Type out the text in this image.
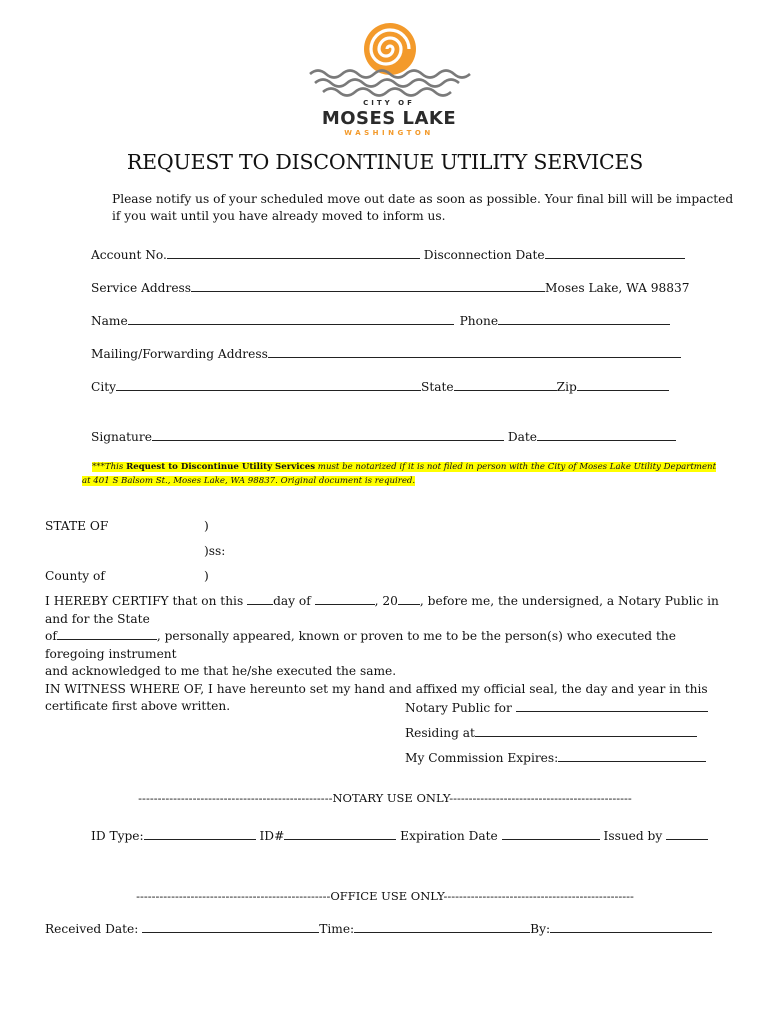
CITY OF
MOSES LAKE
WASHINGTON
REQUEST TO DISCONTINUE UTILITY SERVICES
Please notify us of your scheduled move out date as soon as possible. Your final bill will be impacted
if you wait until you have already moved to inform us.
Account No.	Disconnection Date
Service Address	Moses Lake, WA 98837
Name	Phone
Mailing/Forwarding Address
City	State	Zip
Signature	Date
***This Request to Discontinue Utility Services must be notarized if it is not filed in person with the City of Moses Lake Utility Department
at 401 S Balsom St., Moses Lake, WA 98837. Original document is required.
STATE OF	)
)ss:
County of	)
I HEREBY CERTIFY that on this day of	, 20 , before me, the undersigned, a Notary Public in and for the State
of	, personally appeared, known or proven to me to be the person(s) who executed the foregoing instrument
and acknowledged to me that he/she executed the same.
IN WITNESS WHERE OF, I have hereunto set my hand and affixed my official seal, the day and year in this certificate first above written.	Notary Public for
Residing at
My Commission Expires:
--------------------------------------------------NOTARY USE ONLY-----------------------------------------------
ID Type:	ID#	Expiration Date	Issued by
--------------------------------------------------OFFICE USE ONLY-------------------------------------------------
Received Date:	Time:	By:
